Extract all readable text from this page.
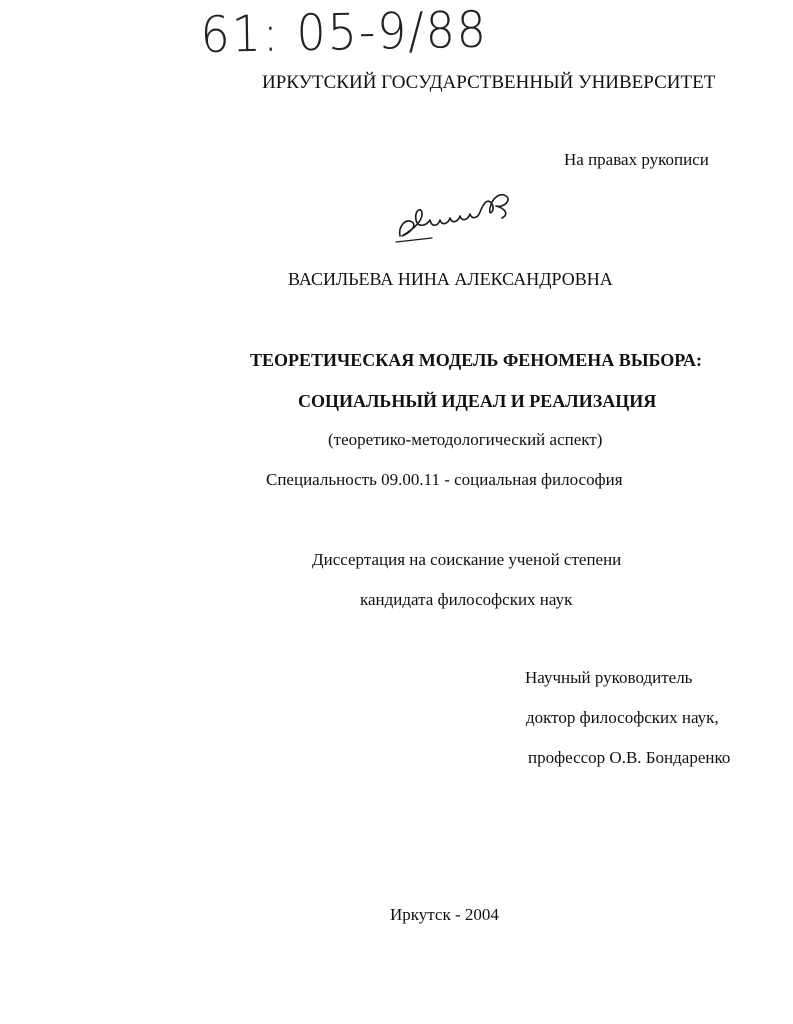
61: 05-9/88
ИРКУТСКИЙ ГОСУДАРСТВЕННЫЙ УНИВЕРСИТЕТ
На правах рукописи
ВАСИЛЬЕВА НИНА АЛЕКСАНДРОВНА
ТЕОРЕТИЧЕСКАЯ МОДЕЛЬ ФЕНОМЕНА ВЫБОРА:
СОЦИАЛЬНЫЙ ИДЕАЛ И РЕАЛИЗАЦИЯ
(теоретико-методологический аспект)
Специальность 09.00.11 - социальная философия
Диссертация на соискание ученой степени
кандидата философских наук
Научный руководитель
доктор философских наук,
профессор О.В. Бондаренко
Иркутск - 2004
